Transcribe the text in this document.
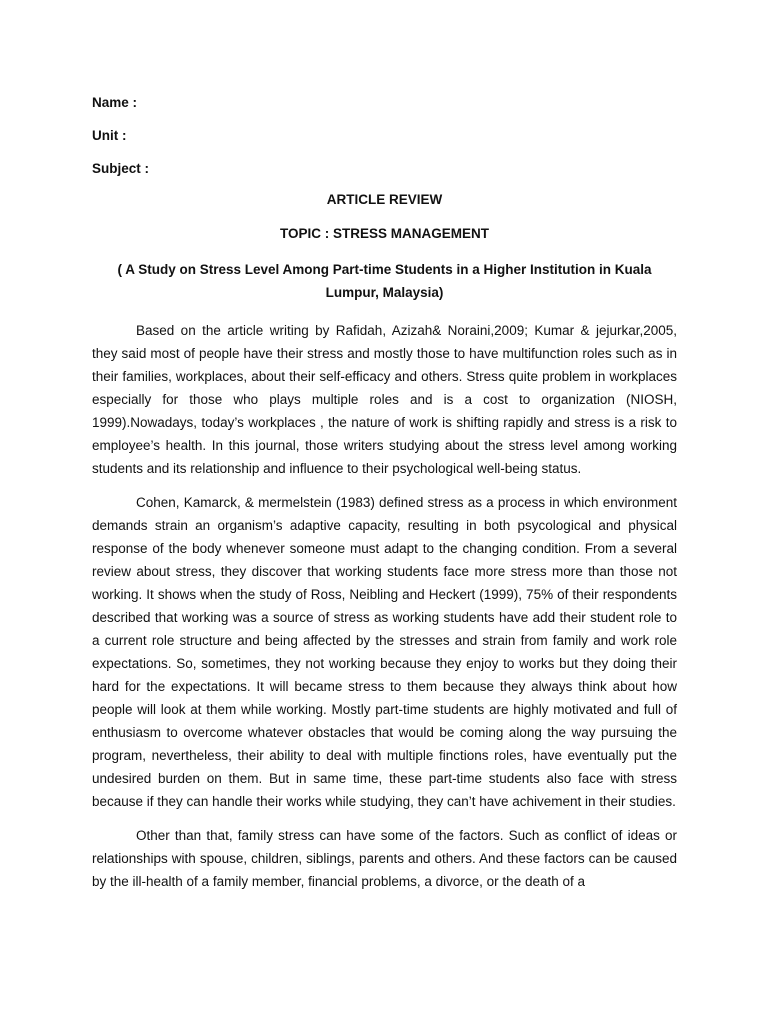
Name :
Unit :
Subject :
ARTICLE REVIEW
TOPIC : STRESS MANAGEMENT
( A Study on Stress Level Among Part-time Students in a Higher Institution in Kuala Lumpur, Malaysia)

Based on the article writing by Rafidah, Azizah& Noraini,2009; Kumar & jejurkar,2005, they said most of people have their stress and mostly those to have multifunction roles such as in their families, workplaces, about their self-efficacy and others. Stress quite problem in workplaces especially for those who plays multiple roles and is a cost to organization (NIOSH, 1999).Nowadays, today’s workplaces , the nature of work is shifting rapidly and stress is a risk to employee’s health. In this journal, those writers studying about the stress level among working students and its relationship and influence to their psychological well-being status.

Cohen, Kamarck, & mermelstein (1983) defined stress as a process in which environment demands strain an organism’s adaptive capacity, resulting in both psycological and physical response of the body whenever someone must adapt to the changing condition. From a several review about stress, they discover that working students face more stress more than those not working. It shows when the study of Ross, Neibling and Heckert (1999), 75% of their respondents described that working was a source of stress as working students have add their student role to a current role structure and being affected by the stresses and strain from family and work role expectations. So, sometimes, they not working because they enjoy to works but they doing their hard for the expectations. It will became stress to them because they always think about how people will look at them while working. Mostly part-time students are highly motivated and full of enthusiasm to overcome whatever obstacles that would be coming along the way pursuing the program, nevertheless, their ability to deal with multiple finctions roles, have eventually put the undesired burden on them. But in same time, these part-time students also face with stress because if they can handle their works while studying, they can’t have achivement in their studies.

Other than that, family stress can have some of the factors. Such as conflict of ideas or relationships with spouse, children, siblings, parents and others. And these factors can be caused by the ill-health of a family member, financial problems, a divorce, or the death of a
